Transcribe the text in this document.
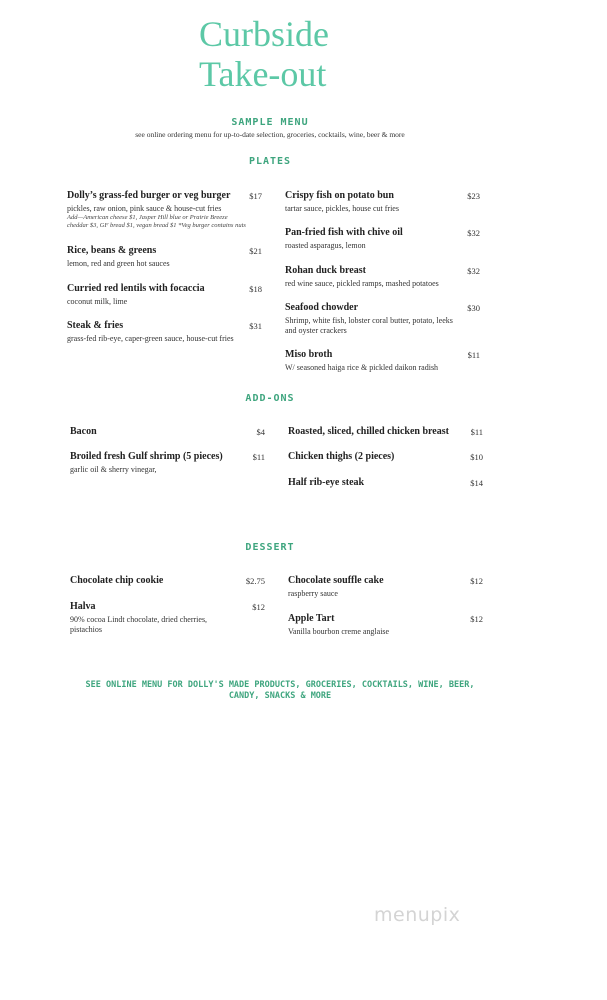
Curbside
Take-out
SAMPLE MENU
see online ordering menu for up-to-date selection, groceries, cocktails, wine, beer & more
PLATES
Dolly’s grass-fed burger or veg burger
pickles, raw onion, pink sauce & house-cut fries
Add—American cheese $1, Jasper Hill blue or Prairie Breeze cheddar $3, GF bread $1, vegan bread $1 *Veg burger contains nuts
$17
Rice, beans & greens
lemon, red and green hot sauces
$21
Curried red lentils with focaccia
coconut milk, lime
$18
Steak & fries
grass-fed rib-eye, caper-green sauce, house-cut fries
$31
Crispy fish on potato bun
tartar sauce, pickles, house cut fries
$23
Pan-fried fish with chive oil
roasted asparagus, lemon
$32
Rohan duck breast
red wine sauce, pickled ramps, mashed potatoes
$32
Seafood chowder
Shrimp, white fish, lobster coral butter, potato, leeks and oyster crackers
$30
Miso broth
W/ seasoned haiga rice & pickled daikon radish
$11
ADD-ONS
Bacon	$4
Broiled fresh Gulf shrimp (5 pieces)
garlic oil & sherry vinegar,
$11
Roasted, sliced, chilled chicken breast	$11
Chicken thighs (2 pieces)	$10
Half rib-eye steak	$14
DESSERT
Chocolate chip cookie	$2.75
Halva
90% cocoa Lindt chocolate, dried cherries, pistachios
$12
Chocolate souffle cake
raspberry sauce
$12
Apple Tart
Vanilla bourbon creme anglaise
$12
SEE ONLINE MENU FOR DOLLY'S MADE PRODUCTS, GROCERIES, COCKTAILS, WINE, BEER,
CANDY, SNACKS & MORE
menupix
